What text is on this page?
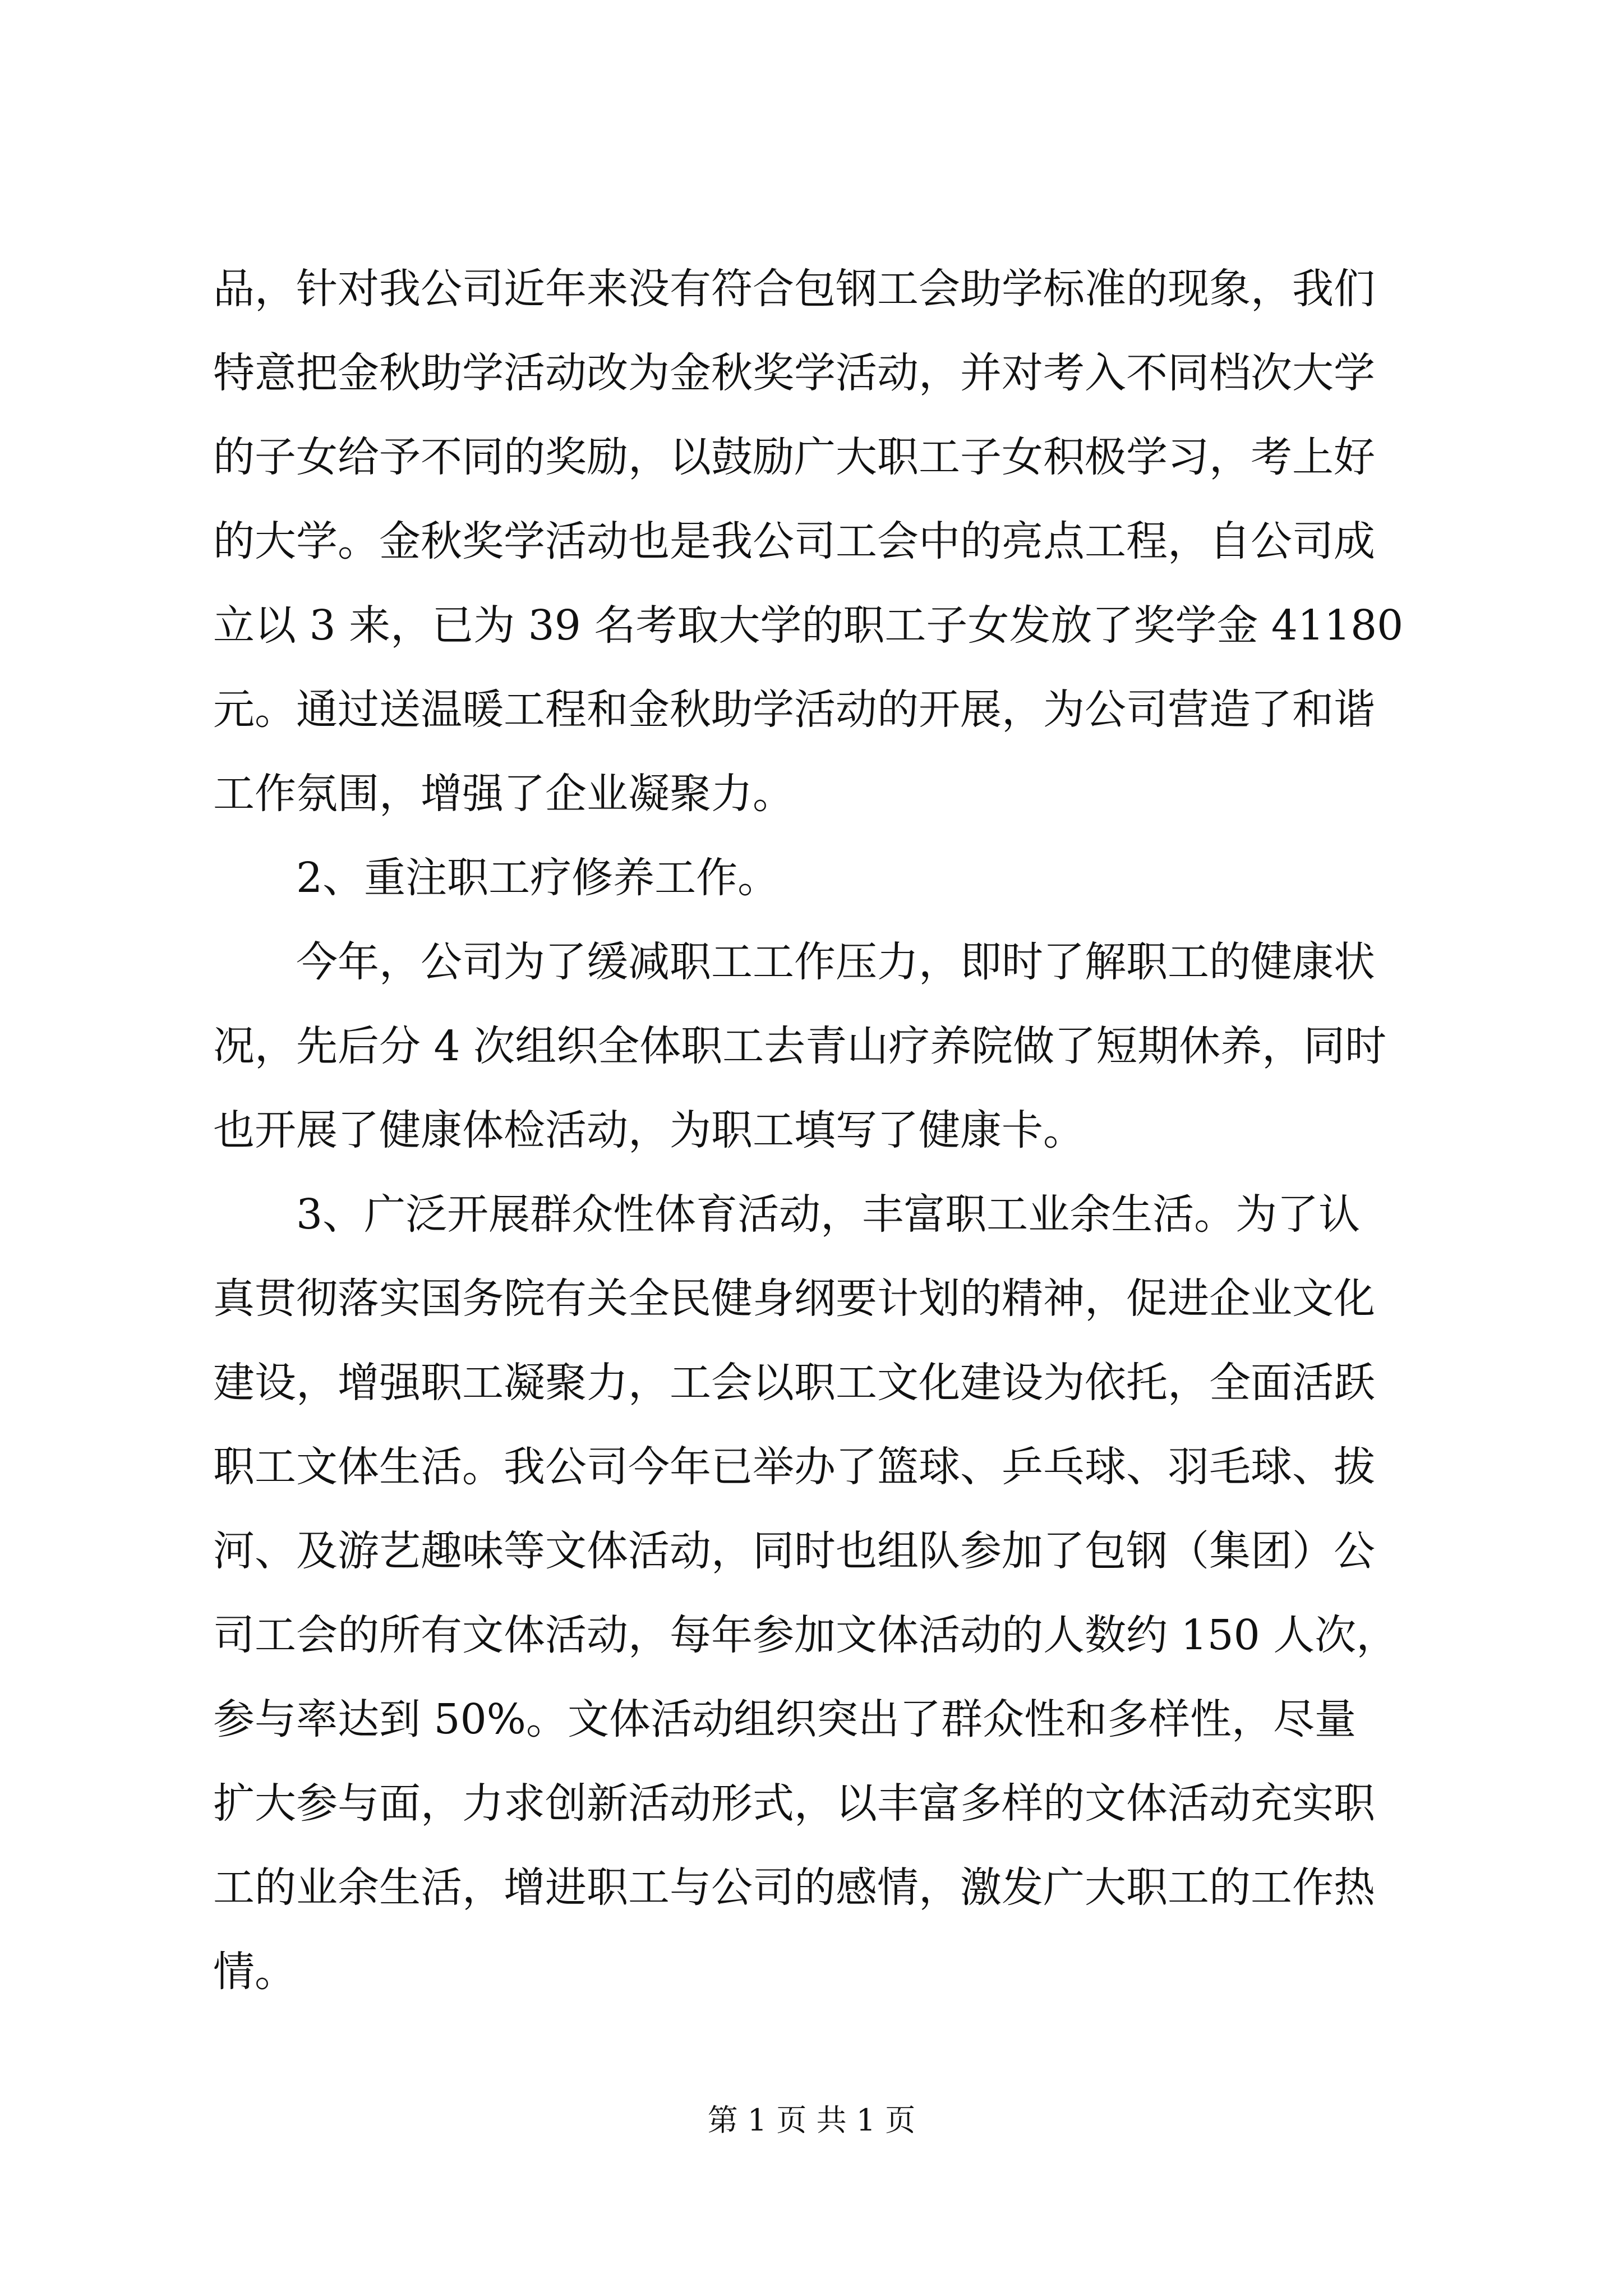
品，针对我公司近年来没有符合包钢工会助学标准的现象，我们
特意把金秋助学活动改为金秋奖学活动，并对考入不同档次大学
的子女给予不同的奖励，以鼓励广大职工子女积极学习，考上好
的大学。金秋奖学活动也是我公司工会中的亮点工程，自公司成
立以 3 来，已为 39 名考取大学的职工子女发放了奖学金 41180
元。通过送温暖工程和金秋助学活动的开展，为公司营造了和谐
工作氛围，增强了企业凝聚力。
2、重注职工疗修养工作。
今年，公司为了缓减职工工作压力，即时了解职工的健康状
况，先后分 4 次组织全体职工去青山疗养院做了短期休养，同时
也开展了健康体检活动，为职工填写了健康卡。
3、广泛开展群众性体育活动，丰富职工业余生活。为了认
真贯彻落实国务院有关全民健身纲要计划的精神，促进企业文化
建设，增强职工凝聚力，工会以职工文化建设为依托，全面活跃
职工文体生活。我公司今年已举办了篮球、乒乓球、羽毛球、拔
河、及游艺趣味等文体活动，同时也组队参加了包钢（集团）公
司工会的所有文体活动，每年参加文体活动的人数约 150 人次，
参与率达到 50%。文体活动组织突出了群众性和多样性，尽量
扩大参与面，力求创新活动形式，以丰富多样的文体活动充实职
工的业余生活，增进职工与公司的感情，激发广大职工的工作热
情。
第 1 页 共 1 页
